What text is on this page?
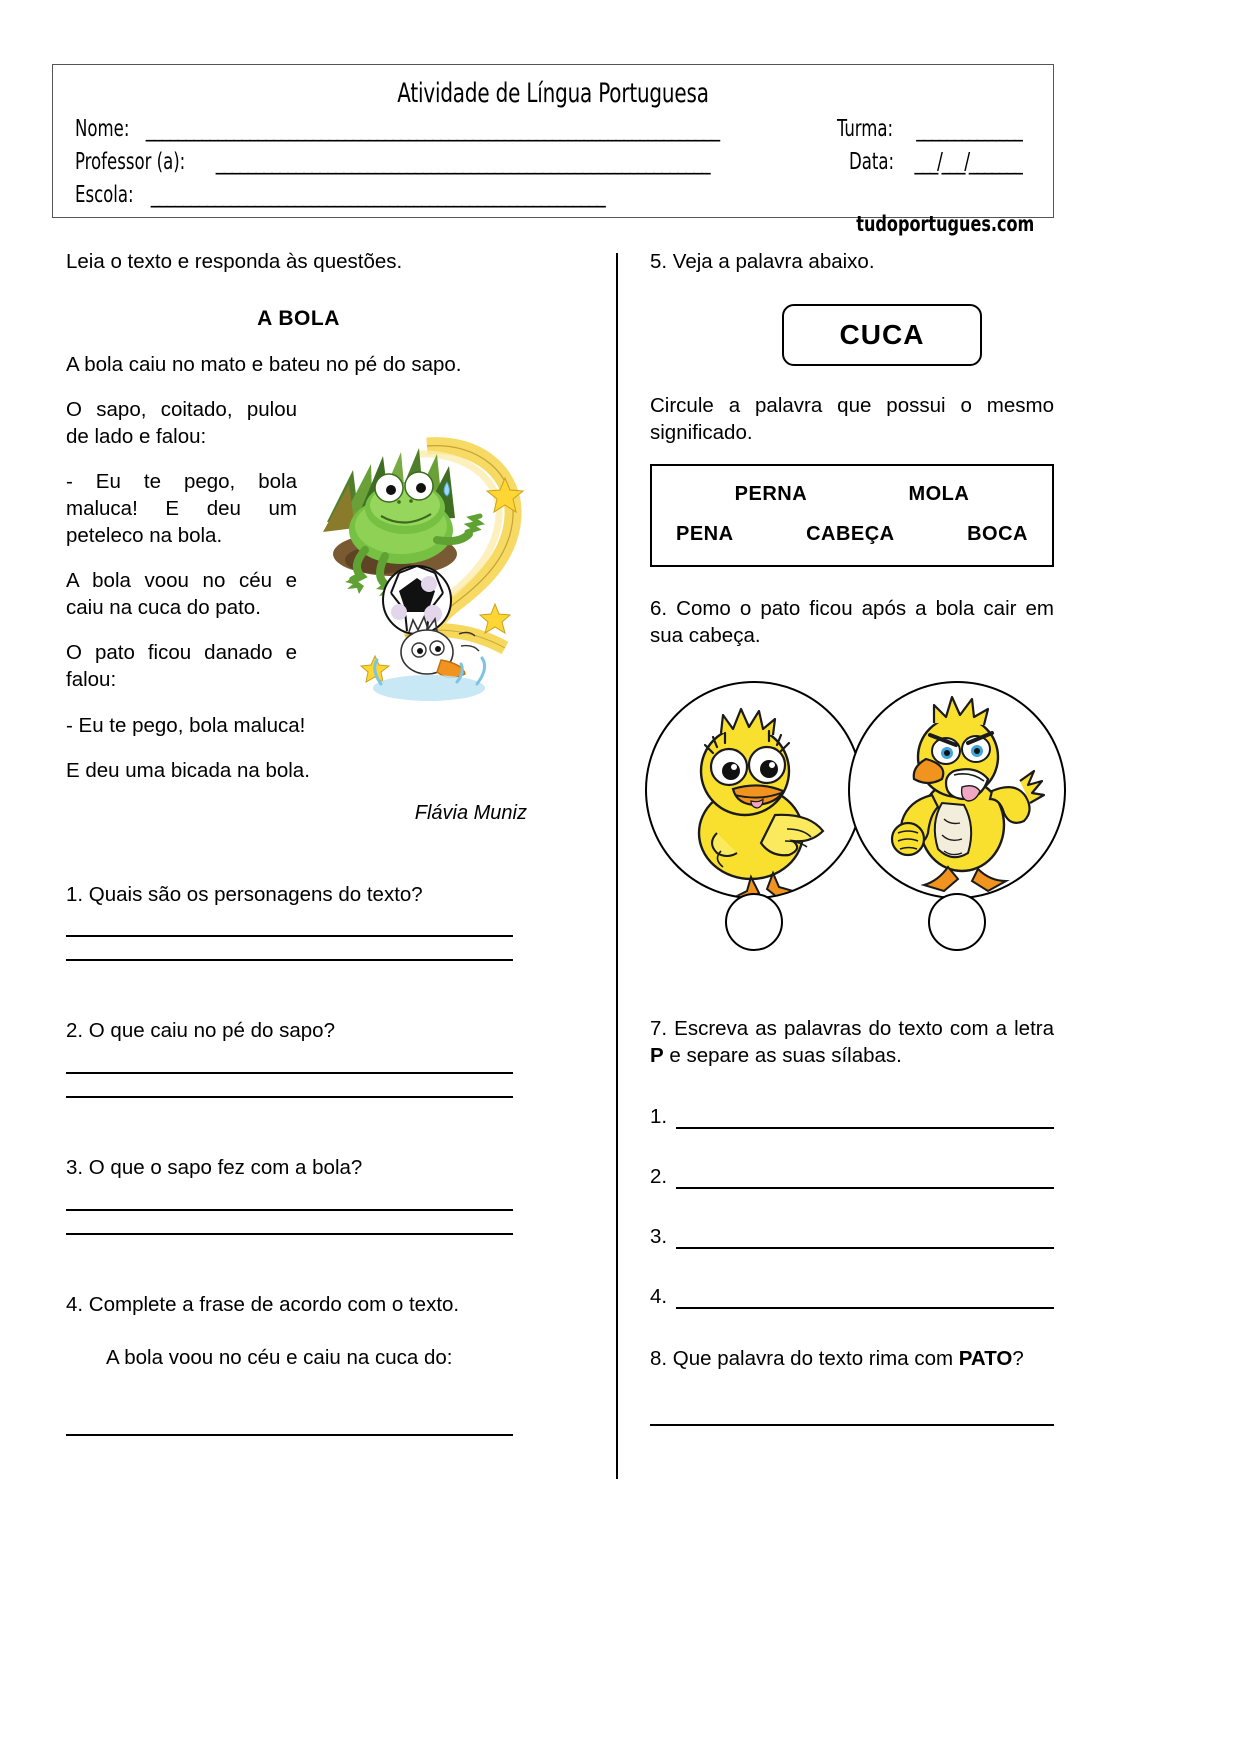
Atividade de Língua Portuguesa
Nome: ________________________________________________________________________	Turma: ______________
Professor (a): ______________________________________________________________	Data: ___/___/_______
Escola: _________________________________________________________
tudoportugues.com

Leia o texto e responda às questões.

A BOLA

A bola caiu no mato e bateu no pé do sapo.

O sapo, coitado, pulou de lado e falou:

- Eu te pego, bola maluca! E deu um peteleco na bola.

A bola voou no céu e caiu na cuca do pato.

O pato ficou danado e falou:

- Eu te pego, bola maluca!

E deu uma bicada na bola.

Flávia Muniz
1. Quais são os personagens do texto?
2. O que caiu no pé do sapo?
3. O que o sapo fez com a bola?
4. Complete a frase de acordo com o texto.
A bola voou no céu e caiu na cuca do:
5. Veja a palavra abaixo.
CUCA

Circule a palavra que possui o mesmo significado.

PERNA	MOLA
PENA	CABEÇA	BOCA

6. Como o pato ficou após a bola cair em sua cabeça.

7. Escreva as palavras do texto com a letra P e separe as suas sílabas.

1.
2.
3.
4.

8. Que palavra do texto rima com PATO?
